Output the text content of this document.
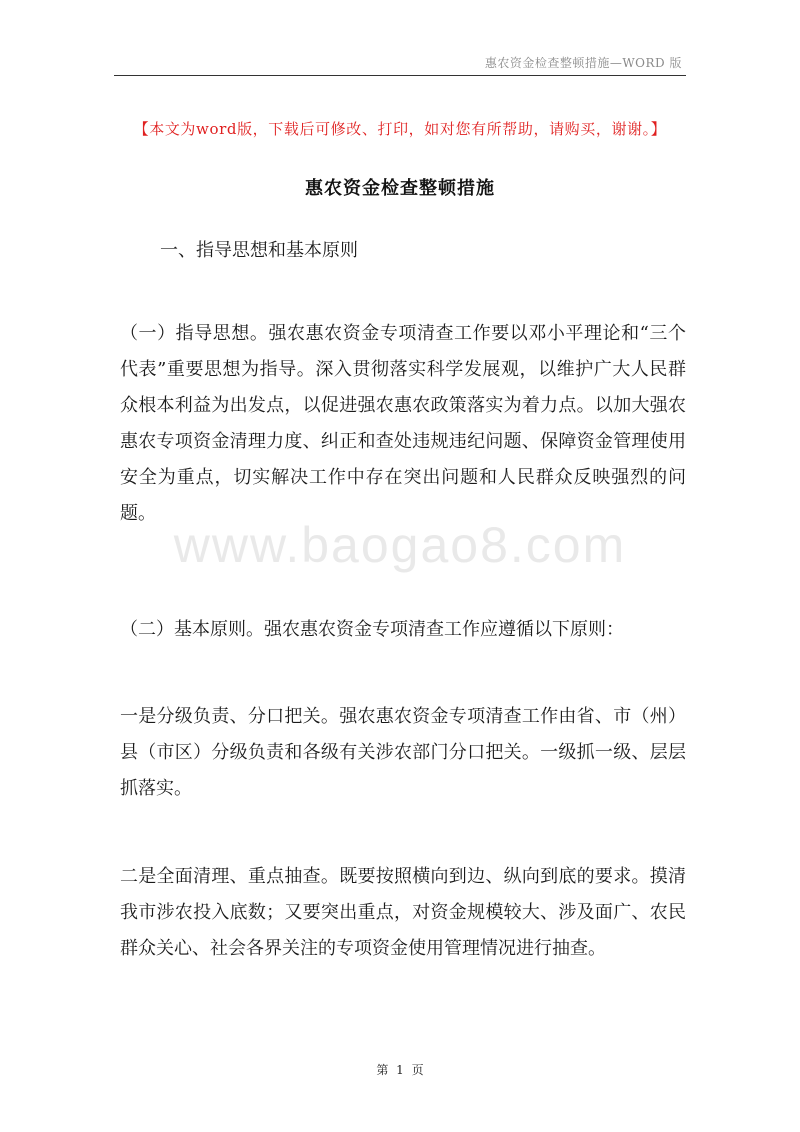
惠农资金检查整顿措施—WORD 版
【本文为word版，下载后可修改、打印，如对您有所帮助，请购买，谢谢。】
惠农资金检查整顿措施
一、指导思想和基本原则
（一）指导思想。强农惠农资金专项清查工作要以邓小平理论和“三个代表”重要思想为指导。深入贯彻落实科学发展观，以维护广大人民群众根本利益为出发点，以促进强农惠农政策落实为着力点。以加大强农惠农专项资金清理力度、纠正和查处违规违纪问题、保障资金管理使用安全为重点，切实解决工作中存在突出问题和人民群众反映强烈的问题。
（二）基本原则。强农惠农资金专项清查工作应遵循以下原则：
一是分级负责、分口把关。强农惠农资金专项清查工作由省、市（州）县（市区）分级负责和各级有关涉农部门分口把关。一级抓一级、层层抓落实。
二是全面清理、重点抽查。既要按照横向到边、纵向到底的要求。摸清我市涉农投入底数；又要突出重点，对资金规模较大、涉及面广、农民群众关心、社会各界关注的专项资金使用管理情况进行抽查。
www.baogao8.com
第 1 页
